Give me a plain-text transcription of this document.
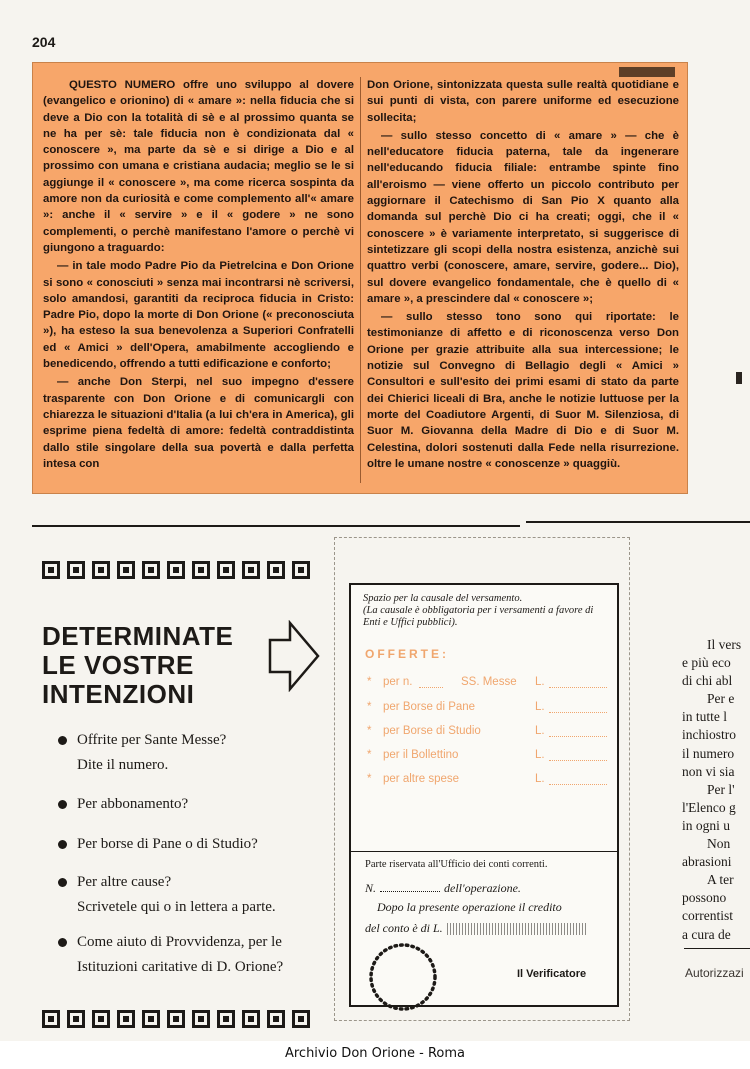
204

QUESTO NUMERO offre uno sviluppo al dovere (evangelico e orionino) di « amare »: nella fiducia che si deve a Dio con la totalità di sè e al prossimo quanta se ne ha per sè: tale fiducia non è condizionata dal « conoscere », ma parte da sè e si dirige a Dio e al prossimo con umana e cristiana audacia; meglio se le si aggiunge il « conoscere », ma come ricerca sospinta da amore non da curiosità e come complemento all'« amare »: anche il « servire » e il « godere » ne sono complementi, o perchè manifestano l'amore o perchè vi giungono a traguardo:

— in tale modo Padre Pio da Pietrelcina e Don Orione si sono « conosciuti » senza mai incontrarsi nè scriversi, solo amandosi, garantiti da reciproca fiducia in Cristo: Padre Pio, dopo la morte di Don Orione (« preconosciuta »), ha esteso la sua benevolenza a Superiori Confratelli ed « Amici » dell'Opera, amabilmente accogliendo e benedicendo, offrendo a tutti edificazione e conforto;

— anche Don Sterpi, nel suo impegno d'essere trasparente con Don Orione e di comunicargli con chiarezza le situazioni d'Italia (a lui ch'era in America), gli esprime piena fedeltà di amore: fedeltà contraddistinta dallo stile singolare della sua povertà e dalla perfetta intesa con

Don Orione, sintonizzata questa sulle realtà quotidiane e sui punti di vista, con parere uniforme ed esecuzione sollecita;

— sullo stesso concetto di « amare » — che è nell'educatore fiducia paterna, tale da ingenerare nell'educando fiducia filiale: entrambe spinte fino all'eroismo — viene offerto un piccolo contributo per aggiornare il Catechismo di San Pio X quanto alla domanda sul perchè Dio ci ha creati; oggi, che il « conoscere » è variamente interpretato, si suggerisce di sintetizzare gli scopi della nostra esistenza, anzichè sui quattro verbi (conoscere, amare, servire, godere... Dio), sul dovere evangelico fondamentale, che è quello di « amare », a prescindere dal « conoscere »;

— sullo stesso tono sono qui riportate: le testimonianze di affetto e di riconoscenza verso Don Orione per grazie attribuite alla sua intercessione; le notizie sul Convegno di Bellagio degli « Amici » Consultori e sull'esito dei primi esami di stato da parte dei Chierici liceali di Bra, anche le notizie luttuose per la morte del Coadiutore Argenti, di Suor M. Silenziosa, di Suor M. Giovanna della Madre di Dio e di Suor M. Celestina, dolori sostenuti dalla Fede nella risurrezione. oltre le umane nostre « conoscenze » quaggiù.

DETERMINATE
LE VOSTRE
INTENZIONI
Offrite per Sante Messe?
Dite il numero.
Per abbonamento?
Per borse di Pane o di Studio?
Per altre cause?
Scrivetele qui o in lettera a parte.
Come aiuto di Provvidenza, per le
Istituzioni caritative di D. Orione?
Spazio per la causale del versamento.
(La causale è obbligatoria per i versamenti a favore di Enti e Uffici pubblici).
OFFERTE:
* per n.	SS. Messe L.
* per Borse di Pane	L.
* per Borse di Studio	L.
* per il Bollettino	L.
* per altre spese	L.
Parte riservata all'Ufficio dei conti correnti.
N.	dell'operazione.
Dopo la presente operazione il credito
del conto è di L.
Il Verificatore
Il vers
e più eco
di chi abl
Per e
in tutte l
inchiostro
il numero
non vi sia
Per l'
l'Elenco g
in ogni u
Non
abrasioni
A ter
possono
correntist
a cura de
Autorizzazi
Archivio Don Orione - Roma
